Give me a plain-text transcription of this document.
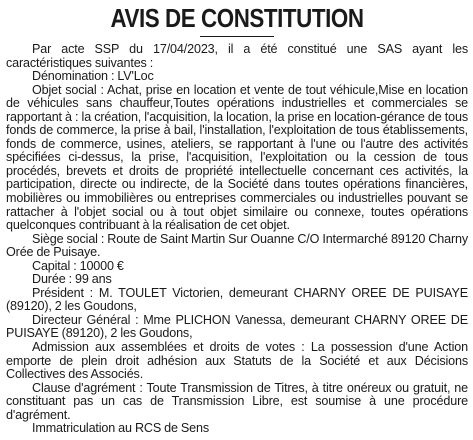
AVIS DE CONSTITUTION

Par acte SSP du 17/04/2023, il a été constitué une SAS ayant les caractéristiques suivantes :

Dénomination : LV'Loc

Objet social : Achat, prise en location et vente de tout véhicule,Mise en location de véhicules sans chauffeur,Toutes opérations industrielles et commerciales se rapportant à : la création, l'acquisition, la location, la prise en location-gérance de tous fonds de commerce, la prise à bail, l'installation, l'exploitation de tous établissements, fonds de commerce, usines, ateliers, se rapportant à l'une ou l'autre des activités spécifiées ci-dessus, la prise, l'acquisition, l'exploitation ou la cession de tous procédés, brevets et droits de propriété intellectuelle concernant ces activités, la participation, directe ou indirecte, de la Société dans toutes opérations financières, mobilières ou immobilières ou entreprises commerciales ou industrielles pouvant se rattacher à l'objet social ou à tout objet similaire ou connexe, toutes opérations quelconques contribuant à la réalisation de cet objet.

Siège social : Route de Saint Martin Sur Ouanne C/O Intermarché 89120 Charny Orée de Puisaye.

Capital : 10000 €

Durée : 99 ans

Président : M. TOULET Victorien, demeurant CHARNY OREE DE PUISAYE (89120), 2 les Goudons,

Directeur Général : Mme PLICHON Vanessa, demeurant CHARNY OREE DE PUISAYE (89120), 2 les Goudons,

Admission aux assemblées et droits de votes : La possession d'une Action emporte de plein droit adhésion aux Statuts de la Société et aux Décisions Collectives des Associés.

Clause d'agrément : Toute Transmission de Titres, à titre onéreux ou gratuit, ne constituant pas un cas de Transmission Libre, est soumise à une procédure d'agrément.

Immatriculation au RCS de Sens
